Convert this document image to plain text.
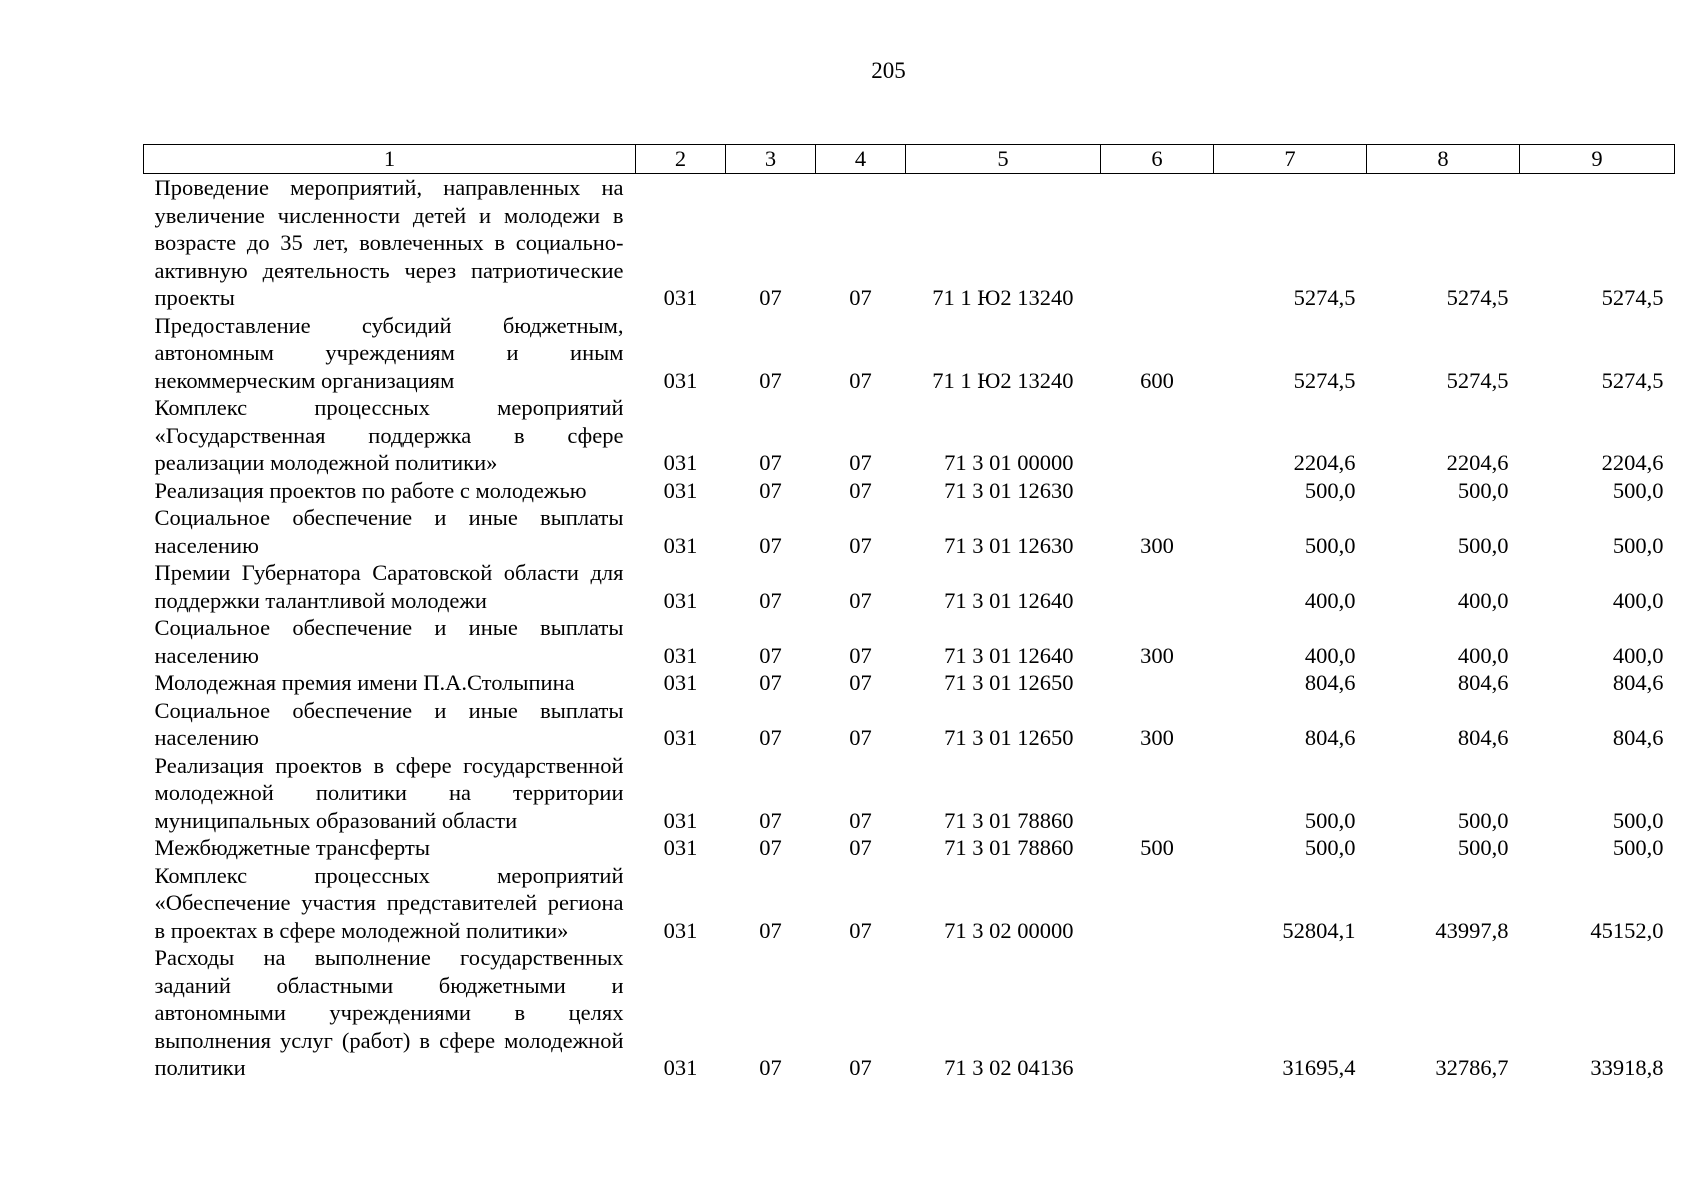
205
1	2	3	4	5	6	7	8	9
Проведение мероприятий, направленных на увеличение численности детей и молодежи в возрасте до 35 лет, вовлеченных в социально-активную деятельность через патриотические проекты	031	07	07	71 1 Ю2 13240		5274,5	5274,5	5274,5
Предоставление субсидий бюджетным, автономным учреждениям и иным некоммерческим организациям	031	07	07	71 1 Ю2 13240	600	5274,5	5274,5	5274,5
Комплекс процессных мероприятий «Государственная поддержка в сфере реализации молодежной политики»	031	07	07	71 3 01 00000		2204,6	2204,6	2204,6
Реализация проектов по работе с молодежью	031	07	07	71 3 01 12630		500,0	500,0	500,0
Социальное обеспечение и иные выплаты населению	031	07	07	71 3 01 12630	300	500,0	500,0	500,0
Премии Губернатора Саратовской области для поддержки талантливой молодежи	031	07	07	71 3 01 12640		400,0	400,0	400,0
Социальное обеспечение и иные выплаты населению	031	07	07	71 3 01 12640	300	400,0	400,0	400,0
Молодежная премия имени П.А.Столыпина	031	07	07	71 3 01 12650		804,6	804,6	804,6
Социальное обеспечение и иные выплаты населению	031	07	07	71 3 01 12650	300	804,6	804,6	804,6
Реализация проектов в сфере государственной молодежной политики на территории муниципальных образований области	031	07	07	71 3 01 78860		500,0	500,0	500,0
Межбюджетные трансферты	031	07	07	71 3 01 78860	500	500,0	500,0	500,0
Комплекс процессных мероприятий «Обеспечение участия представителей региона в проектах в сфере молодежной политики»	031	07	07	71 3 02 00000		52804,1	43997,8	45152,0
Расходы на выполнение государственных заданий областными бюджетными и автономными учреждениями в целях выполнения услуг (работ) в сфере молодежной политики	031	07	07	71 3 02 04136		31695,4	32786,7	33918,8
